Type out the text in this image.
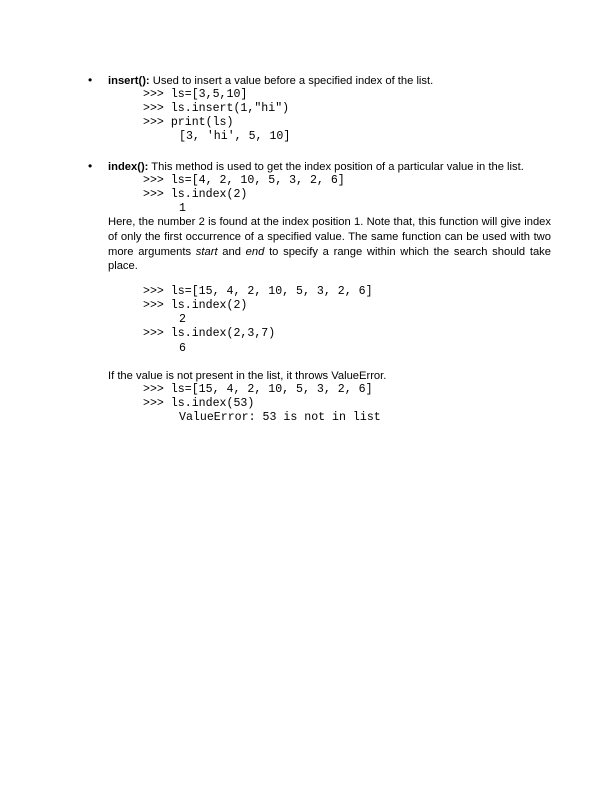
• insert(): Used to insert a value before a specified index of the list.
>>> ls=[3,5,10]
>>> ls.insert(1,"hi")
>>> print(ls)
[3, 'hi', 5, 10]
• index(): This method is used to get the index position of a particular value in the list.
>>> ls=[4, 2, 10, 5, 3, 2, 6]
>>> ls.index(2)
1
Here, the number 2 is found at the index position 1. Note that, this function will give index of only the first occurrence of a specified value. The same function can be used with two more arguments start and end to specify a range within which the search should take place.
>>> ls=[15, 4, 2, 10, 5, 3, 2, 6]
>>> ls.index(2)
2
>>> ls.index(2,3,7)
6
If the value is not present in the list, it throws ValueError.
>>> ls=[15, 4, 2, 10, 5, 3, 2, 6]
>>> ls.index(53)
ValueError: 53 is not in list
